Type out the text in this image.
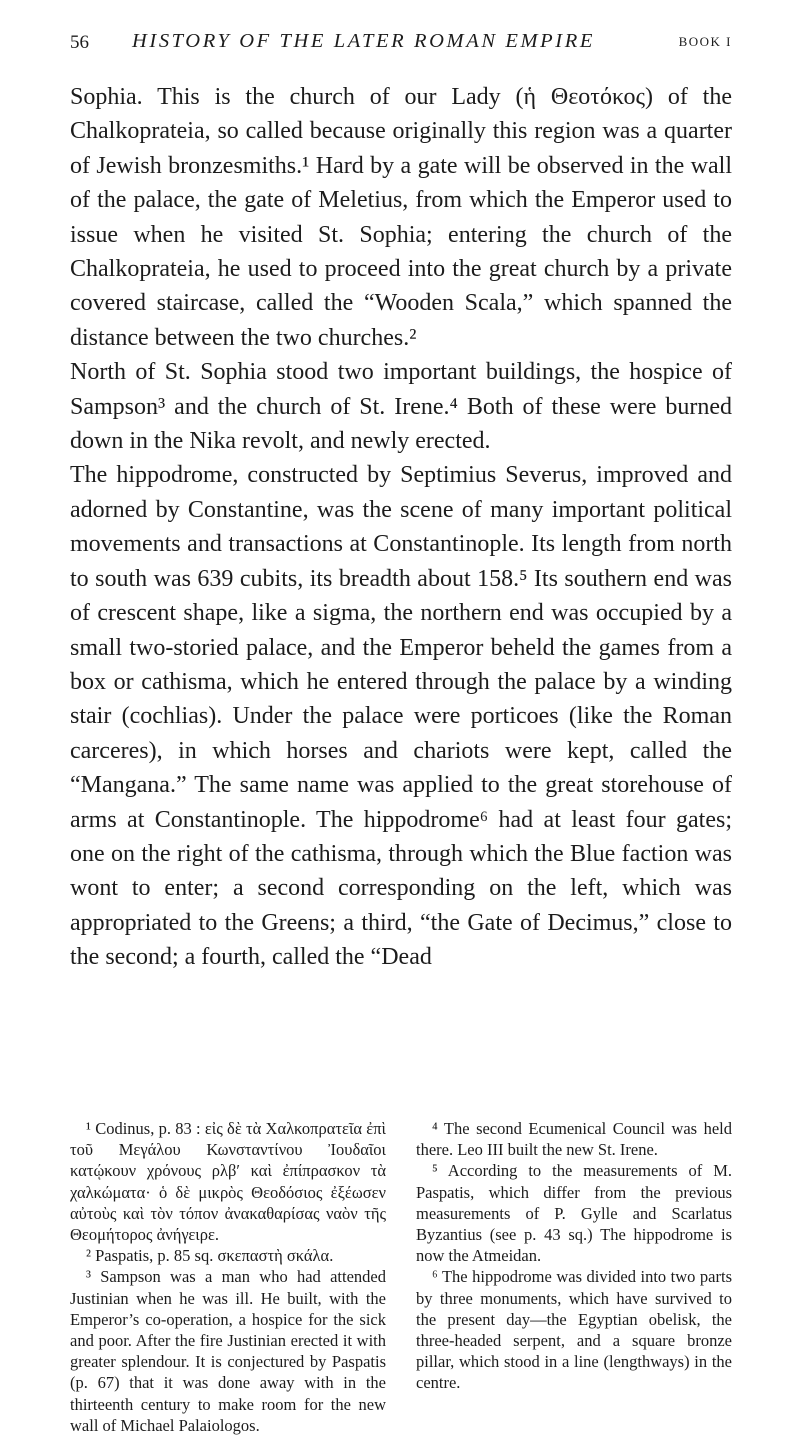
56 HISTORY OF THE LATER ROMAN EMPIRE	BOOK I

Sophia. This is the church of our Lady (ἡ Θεοτόκος) of the Chalkoprateia, so called because originally this region was a quarter of Jewish bronzesmiths.¹ Hard by a gate will be observed in the wall of the palace, the gate of Meletius, from which the Emperor used to issue when he visited St. Sophia; entering the church of the Chalkoprateia, he used to proceed into the great church by a private covered staircase, called the “Wooden Scala,” which spanned the distance between the two churches.²

North of St. Sophia stood two important buildings, the hospice of Sampson³ and the church of St. Irene.⁴ Both of these were burned down in the Nika revolt, and newly erected.

The hippodrome, constructed by Septimius Severus, improved and adorned by Constantine, was the scene of many important political movements and transactions at Constantinople. Its length from north to south was 639 cubits, its breadth about 158.⁵ Its southern end was of crescent shape, like a sigma, the northern end was occupied by a small two-storied palace, and the Emperor beheld the games from a box or cathisma, which he entered through the palace by a winding stair (cochlias). Under the palace were porticoes (like the Roman carceres), in which horses and chariots were kept, called the “Mangana.” The same name was applied to the great storehouse of arms at Constantinople. The hippodrome⁶ had at least four gates; one on the right of the cathisma, through which the Blue faction was wont to enter; a second corresponding on the left, which was appropriated to the Greens; a third, “the Gate of Decimus,” close to the second; a fourth, called the “Dead

¹ Codinus, p. 83 : εἰς δὲ τὰ Χαλκοπρατεῖα ἐπὶ τοῦ Μεγάλου Κωνσταντίνου Ἰουδαῖοι κατῴκουν χρόνους ρλβʹ καὶ ἐπίπρασκον τὰ χαλκώματα· ὁ δὲ μικρὸς Θεοδόσιος ἐξέωσεν αὐτοὺς καὶ τὸν τόπον ἀνακαθαρίσας ναὸν τῆς Θεομήτορος ἀνήγειρε.

² Paspatis, p. 85 sq. σκεπαστὴ σκάλα.

³ Sampson was a man who had attended Justinian when he was ill. He built, with the Emperor’s co-operation, a hospice for the sick and poor. After the fire Justinian erected it with greater splendour. It is conjectured by Paspatis (p. 67) that it was done away with in the thirteenth century to make room for the new wall of Michael Palaiologos.

⁴ The second Ecumenical Council was held there. Leo III built the new St. Irene.

⁵ According to the measurements of M. Paspatis, which differ from the previous measurements of P. Gylle and Scarlatus Byzantius (see p. 43 sq.) The hippodrome is now the Atmeidan.

⁶ The hippodrome was divided into two parts by three monuments, which have survived to the present day—the Egyptian obelisk, the three-headed serpent, and a square bronze pillar, which stood in a line (lengthways) in the centre.
